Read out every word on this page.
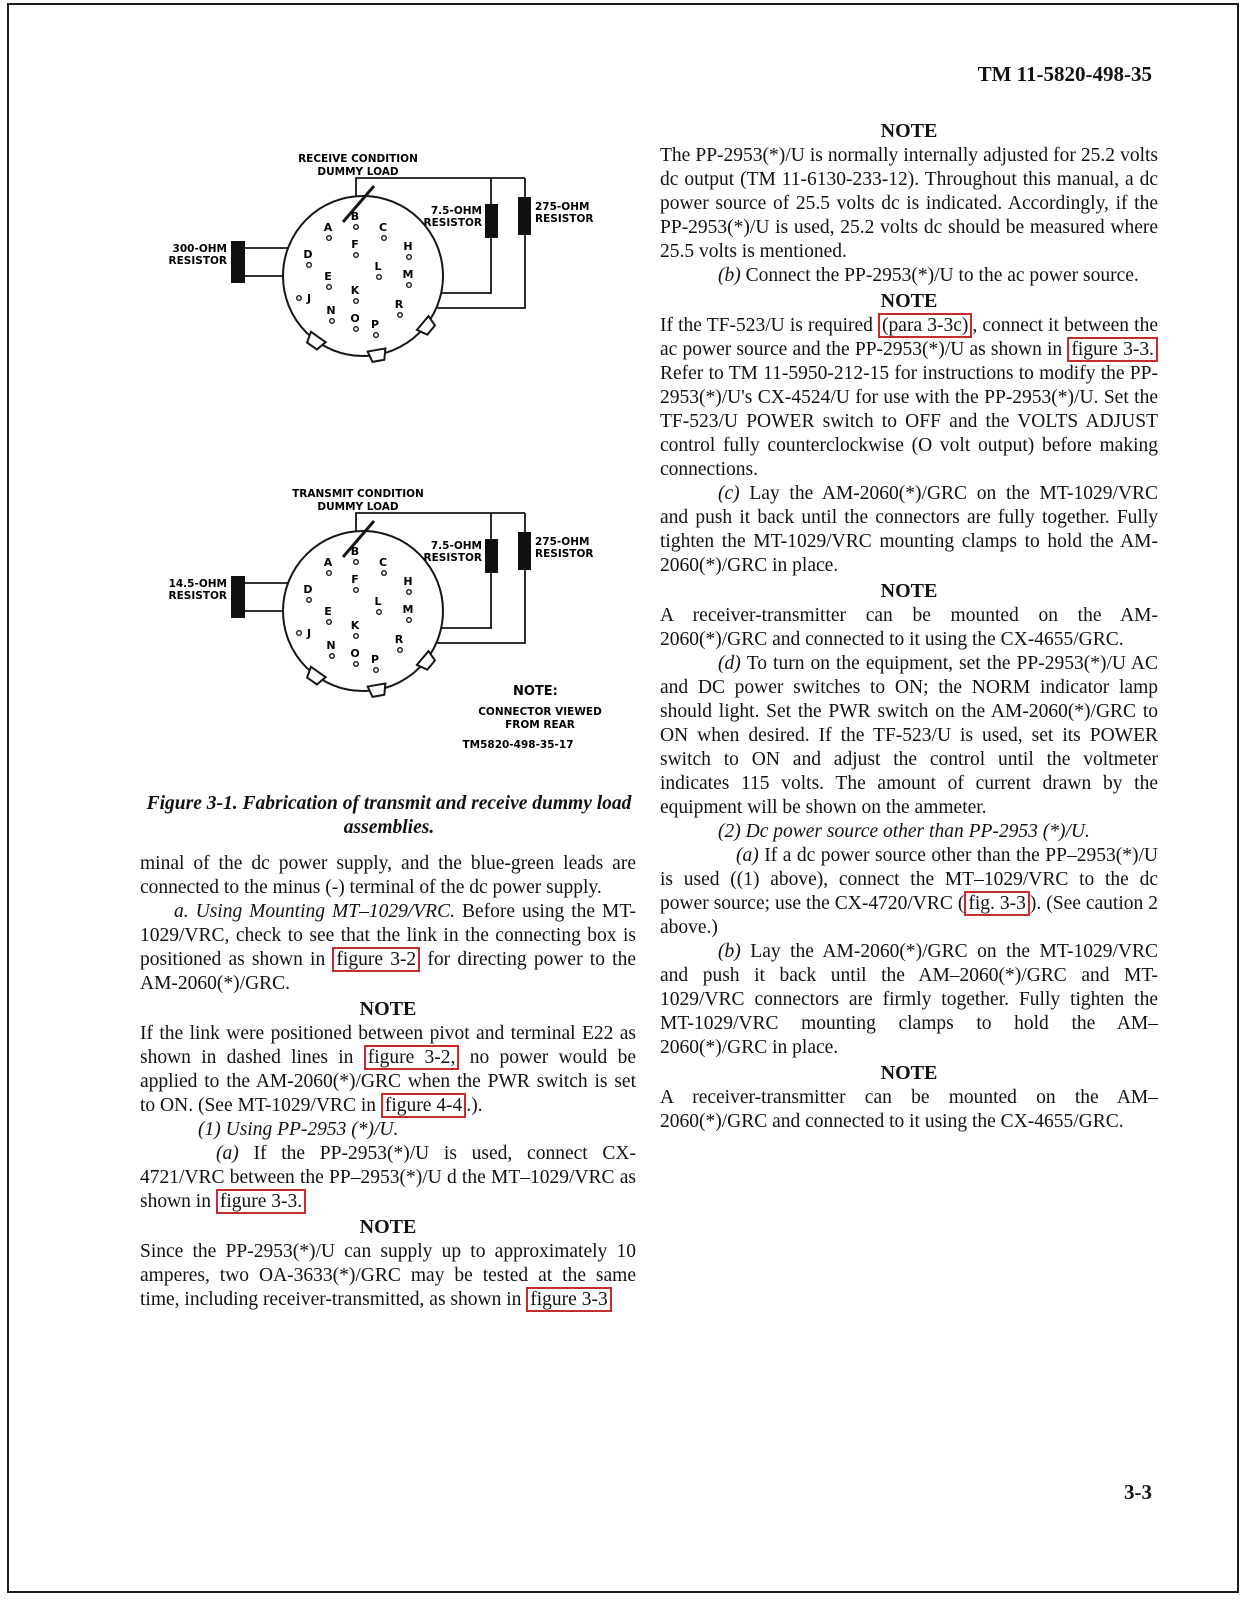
TM 11-5820-498-35
RECEIVE CONDITION
DUMMY LOAD
A
B
C
D
F	H
E
L
M
J
K
N
O P
R
7.5-OHM
RESISTOR
275-OHM
RESISTOR
300-OHM
RESISTOR
TRANSMIT CONDITION
DUMMY LOAD
A
B
C
D
F	H
E
L
M
J
K
N
O P
R
7.5-OHM
RESISTOR
275-OHM
RESISTOR
14.5-OHM
RESISTOR
NOTE:
CONNECTOR VIEWED
FROM REAR
TM5820-498-35-17
Figure 3-1. Fabrication of transmit and receive dummy load assemblies.

minal of the dc power supply, and the blue-green leads are connected to the minus (-) terminal of the dc power supply.

a. Using Mounting MT–1029/VRC. Before using the MT-1029/VRC, check to see that the link in the connecting box is positioned as shown in figure 3-2 for directing power to the AM-2060(*)/GRC.

NOTE

If the link were positioned between pivot and terminal E22 as shown in dashed lines in figure 3-2, no power would be applied to the AM-2060(*)/GRC when the PWR switch is set to ON. (See MT-1029/VRC in figure 4-4 .).

(1) Using PP-2953 (*)/U.

(a) If the PP-2953(*)/U is used, connect CX-4721/VRC between the PP–2953(*)/U d the MT–1029/VRC as shown in figure 3-3.

NOTE

Since the PP-2953(*)/U can supply up to approximately 10 amperes, two OA-3633(*)/GRC may be tested at the same time, including receiver-transmitted, as shown in figure 3-3

NOTE

The PP-2953(*)/U is normally internally adjusted for 25.2 volts dc output (TM 11-6130-233-12). Throughout this manual, a dc power source of 25.5 volts dc is indicated. Accordingly, if the PP-2953(*)/U is used, 25.2 volts dc should be measured where 25.5 volts is mentioned.

(b) Connect the PP-2953(*)/U to the ac power source.

NOTE

If the TF-523/U is required (para 3-3c) , connect it between the ac power source and the PP-2953(*)/U as shown in figure 3-3. Refer to TM 11-5950-212-15 for instructions to modify the PP-2953(*)/U's CX-4524/U for use with the PP-2953(*)/U. Set the TF-523/U POWER switch to OFF and the VOLTS ADJUST control fully counterclockwise (O volt output) before making connections.

(c) Lay the AM-2060(*)/GRC on the MT-1029/VRC and push it back until the connectors are fully together. Fully tighten the MT-1029/VRC mounting clamps to hold the AM-2060(*)/GRC in place.

NOTE

A receiver-transmitter can be mounted on the AM-2060(*)/GRC and connected to it using the CX-4655/GRC.

(d) To turn on the equipment, set the PP-2953(*)/U AC and DC power switches to ON; the NORM indicator lamp should light. Set the PWR switch on the AM-2060(*)/GRC to ON when desired. If the TF-523/U is used, set its POWER switch to ON and adjust the control until the voltmeter indicates 115 volts. The amount of current drawn by the equipment will be shown on the ammeter.

(2) Dc power source other than PP-2953 (*)/U.

(a) If a dc power source other than the PP–2953(*)/U is used ((1) above), connect the MT–1029/VRC to the dc power source; use the CX-4720/VRC ( fig. 3-3 ). (See caution 2 above.)

(b) Lay the AM-2060(*)/GRC on the MT-1029/VRC and push it back until the AM–2060(*)/GRC and MT-1029/VRC connectors are firmly together. Fully tighten the MT-1029/VRC mounting clamps to hold the AM–2060(*)/GRC in place.

NOTE

A receiver-transmitter can be mounted on the AM–2060(*)/GRC and connected to it using the CX-4655/GRC.

3-3
